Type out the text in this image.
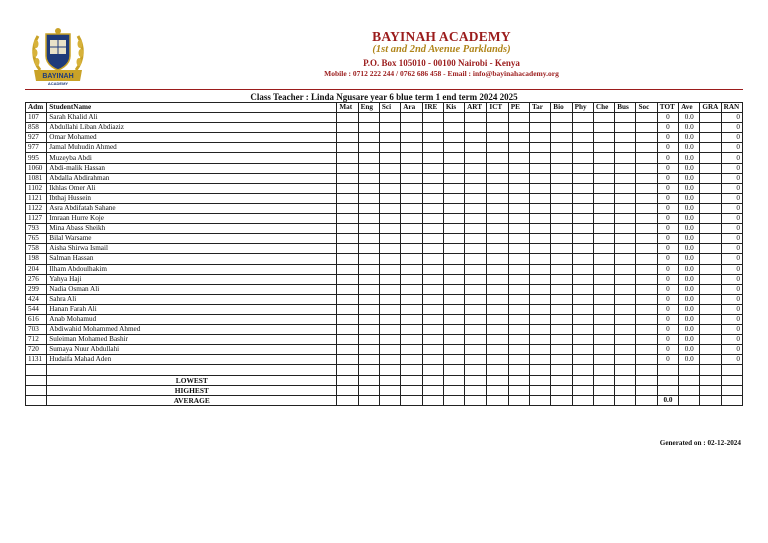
BAYINAH
ACADEMY
BAYINAH ACADEMY
(1st and 2nd Avenue Parklands)
P.O. Box 105010 - 00100 Nairobi - Kenya
Mobile : 0712 222 244 / 0762 686 458 - Email : info@bayinahacademy.org
Class Teacher : Linda Ngusare year 6 blue term 1 end term 2024 2025
Adm	StudentName	Mat	Eng	Sci	Ara	IRE	Kis	ART	ICT	PE	Tar	Bio	Phy	Che	Bus	Soc	TOT	Ave	GRA	RAN
107	Sarah Khalid Ali																0	0.0		0
858	Abdullahi Liban Abdiaziz																0	0.0		0
927	Omar Mohamed																0	0.0		0
977	Jamal Muhudin Ahmed																0	0.0		0
995	Muzeyba Abdi																0	0.0		0
1060	Abdi-malik Hassan																0	0.0		0
1081	Abdalla Abdirahman																0	0.0		0
1102	Ikhlas Omer Ali																0	0.0		0
1121	Ibthaj Hussein																0	0.0		0
1122	Asra Abdifatah Sahane																0	0.0		0
1127	Imraan Hurre Koje																0	0.0		0
793	Mina Abass Sheikh																0	0.0		0
765	Bilal Warsame																0	0.0		0
758	Aisha Shirwa Ismail																0	0.0		0
198	Salman Hassan																0	0.0		0
204	Ilham Abdoulhakim																0	0.0		0
276	Yahya Haji																0	0.0		0
299	Nadia Osman Ali																0	0.0		0
424	Sahra Ali																0	0.0		0
544	Hanan Farah Ali																0	0.0		0
616	Anab Mohamud																0	0.0		0
703	Abdiwahid Mohammed Ahmed																0	0.0		0
712	Suleiman Mohamed Bashir																0	0.0		0
720	Sumaya Nuur Abdullahi																0	0.0		0
1131	Hudaifa Mahad Aden																0	0.0		0

	LOWEST																			
	HIGHEST																			
	AVERAGE																0.0			
Generated on : 02-12-2024
